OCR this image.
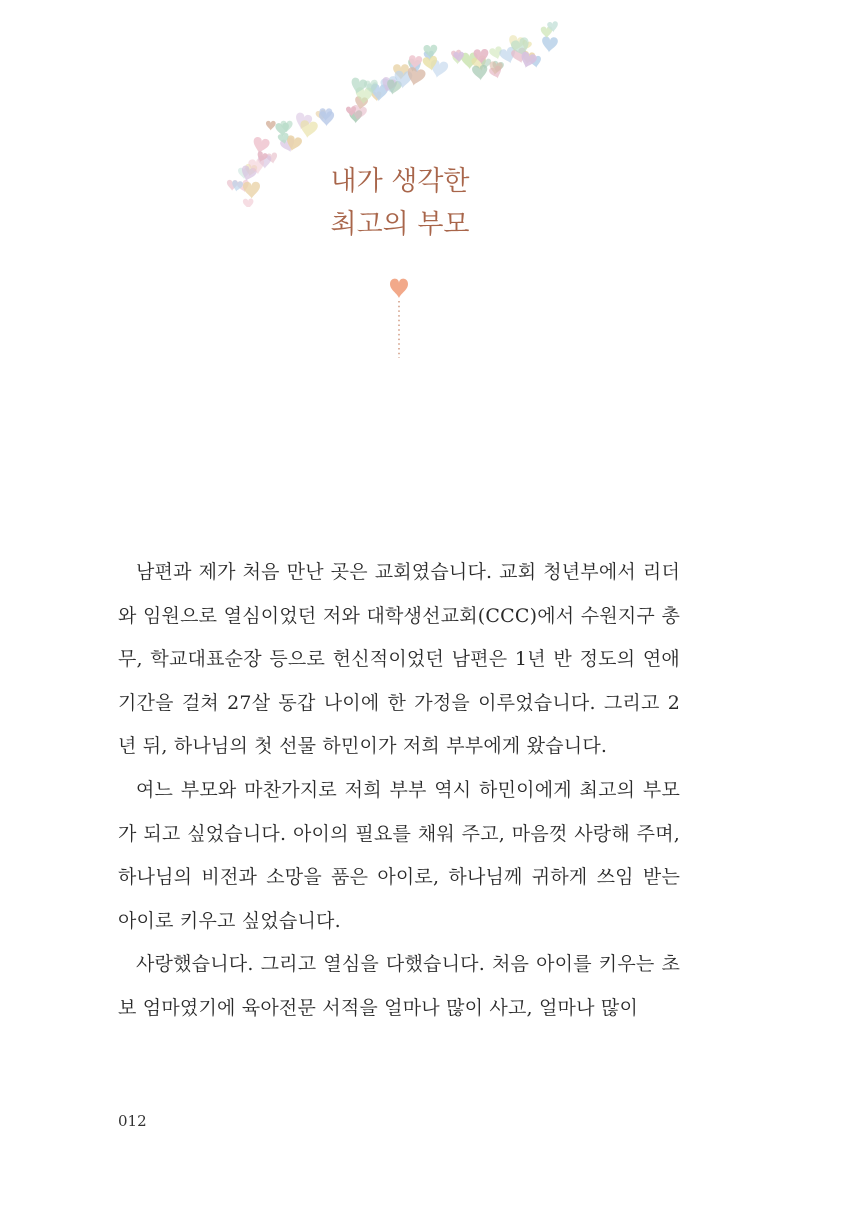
내가 생각한
최고의 부모

남편과 제가 처음 만난 곳은 교회였습니다. 교회 청년부에서 리더와 임원으로 열심이었던 저와 대학생선교회(CCC)에서 수원지구 총무, 학교대표순장 등으로 헌신적이었던 남편은 1년 반 정도의 연애 기간을 걸쳐 27살 동갑 나이에 한 가정을 이루었습니다. 그리고 2년 뒤, 하나님의 첫 선물 하민이가 저희 부부에게 왔습니다.

여느 부모와 마찬가지로 저희 부부 역시 하민이에게 최고의 부모가 되고 싶었습니다. 아이의 필요를 채워 주고, 마음껏 사랑해 주며, 하나님의 비전과 소망을 품은 아이로, 하나님께 귀하게 쓰임 받는 아이로 키우고 싶었습니다.

사랑했습니다. 그리고 열심을 다했습니다. 처음 아이를 키우는 초보 엄마였기에 육아전문 서적을 얼마나 많이 사고, 얼마나 많이

012
